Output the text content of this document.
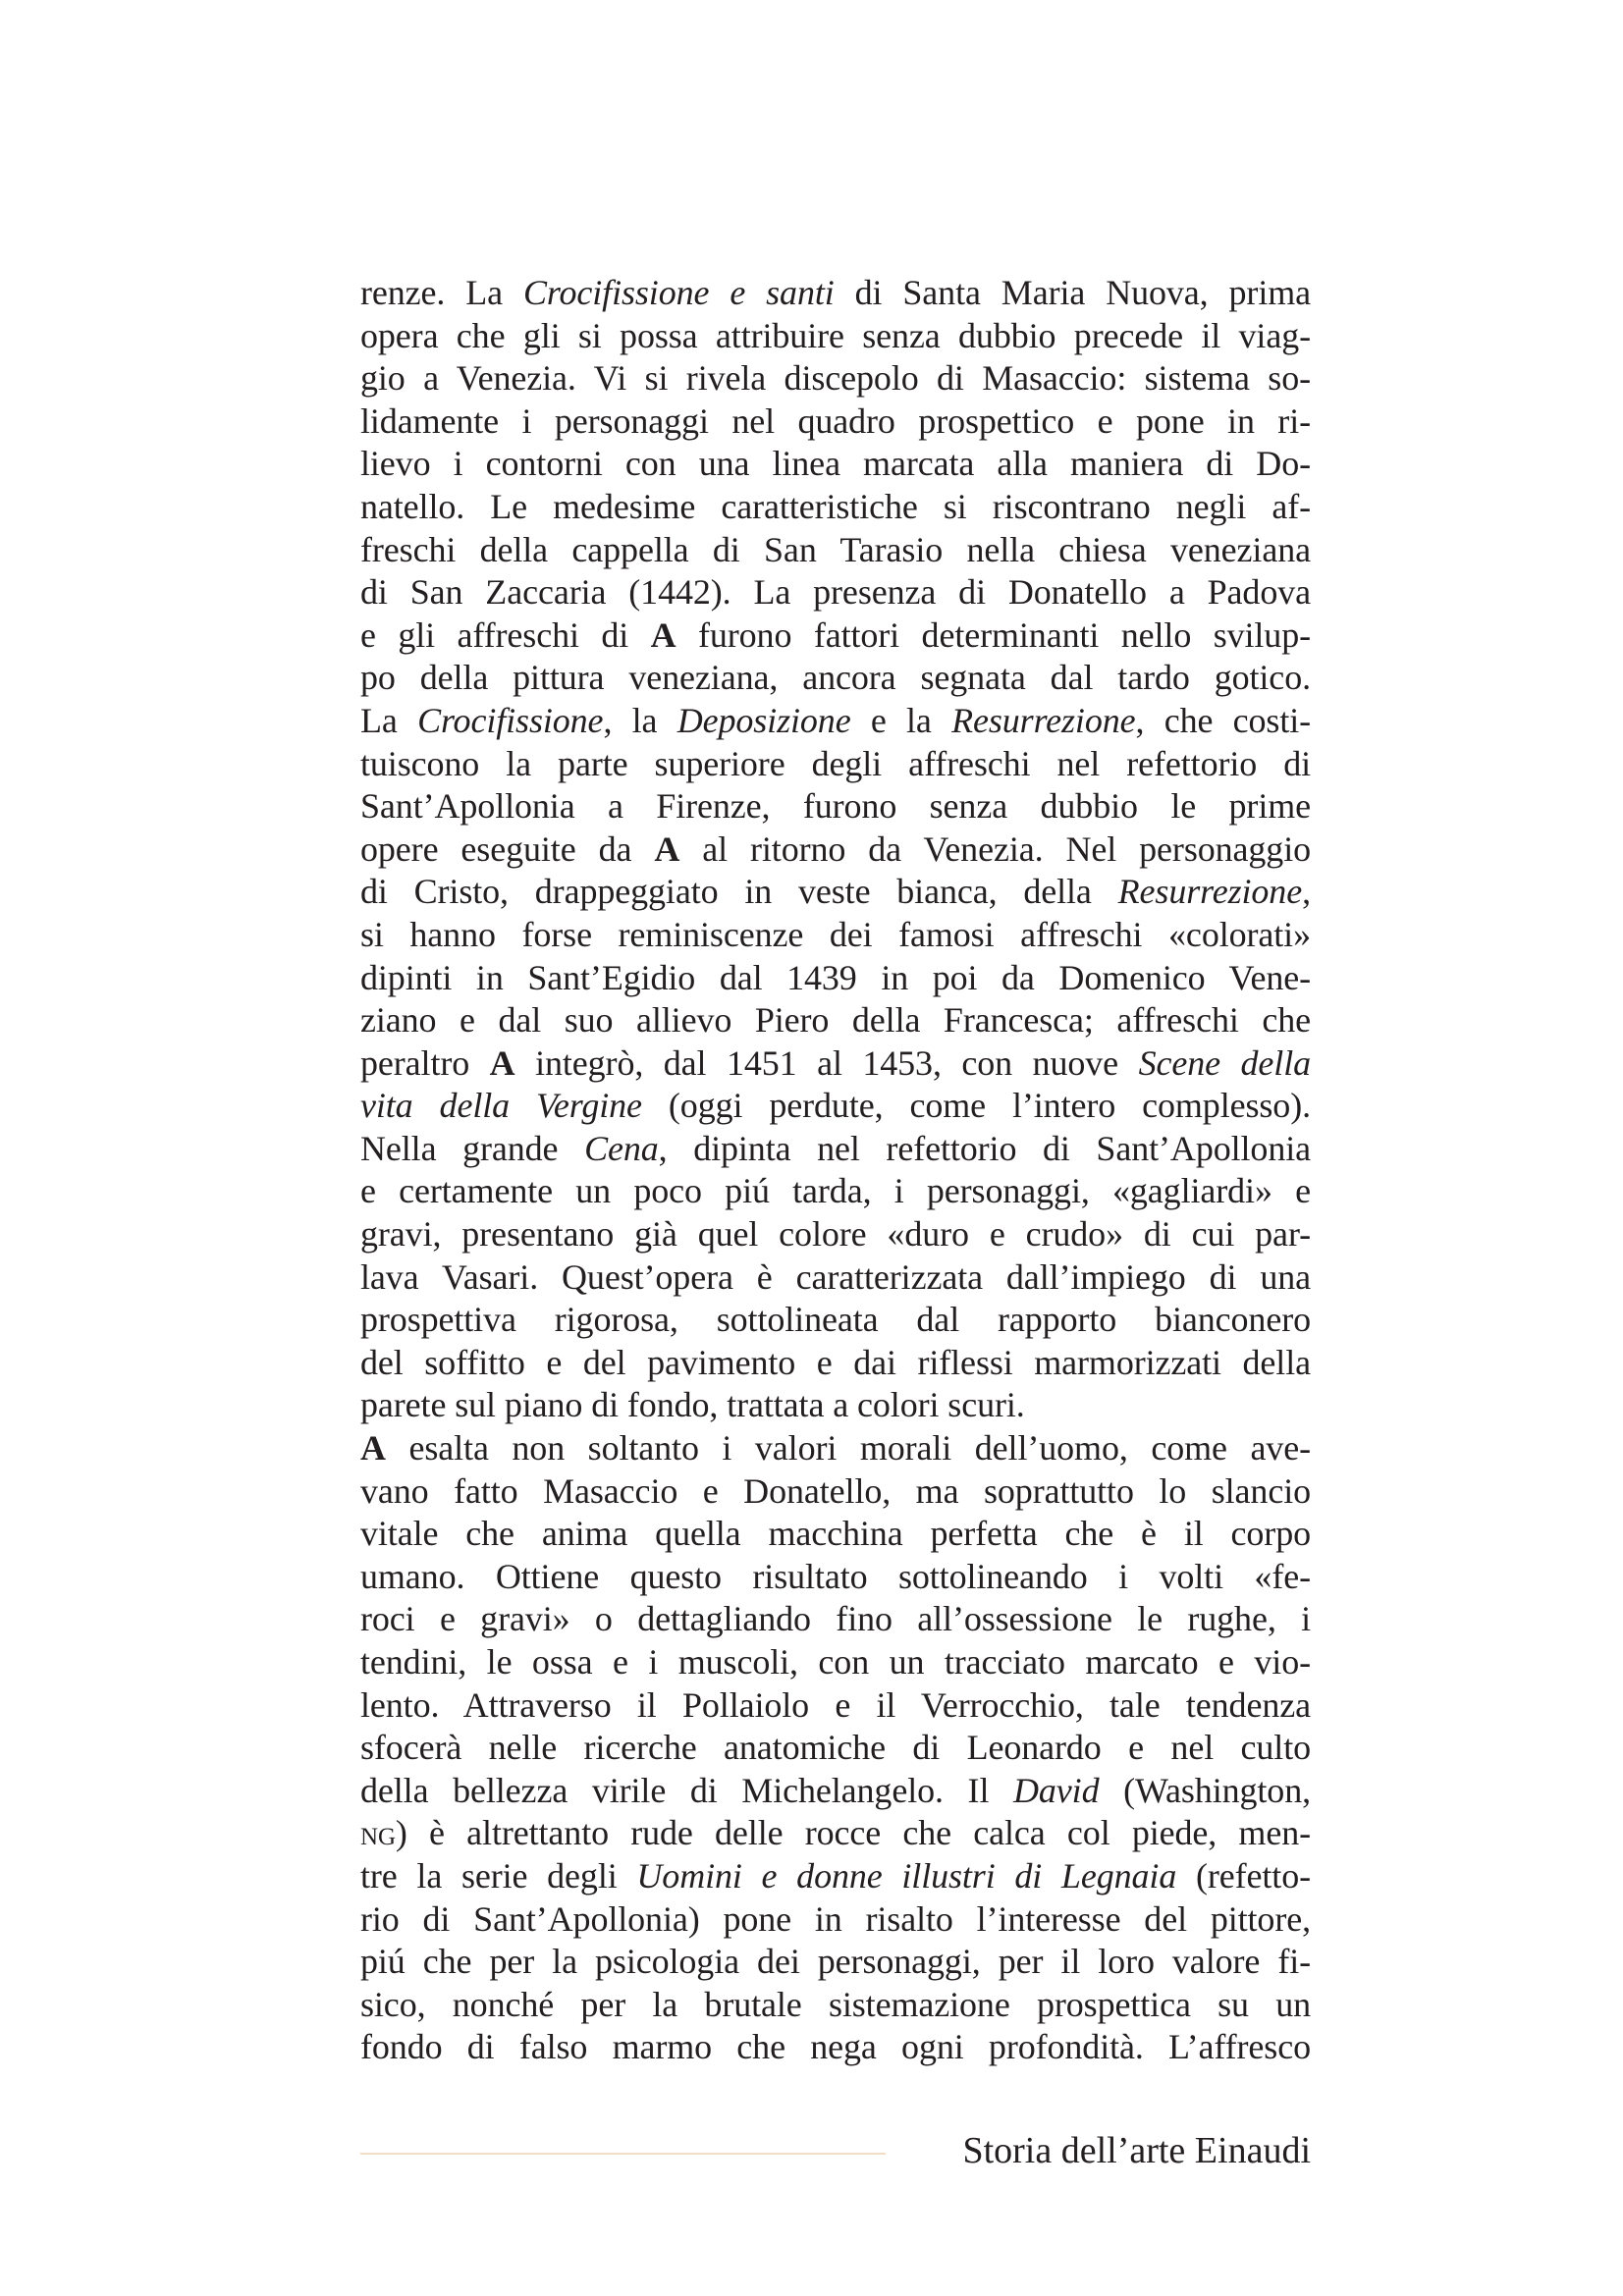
renze. La Crocifissione e santi di Santa Maria Nuova, prima
opera che gli si possa attribuire senza dubbio precede il viag-
gio a Venezia. Vi si rivela discepolo di Masaccio: sistema so-
lidamente i personaggi nel quadro prospettico e pone in ri-
lievo i contorni con una linea marcata alla maniera di Do-
natello. Le medesime caratteristiche si riscontrano negli af-
freschi della cappella di San Tarasio nella chiesa veneziana
di San Zaccaria (1442). La presenza di Donatello a Padova
e gli affreschi di A furono fattori determinanti nello svilup-
po della pittura veneziana, ancora segnata dal tardo gotico.
La Crocifissione, la Deposizione e la Resurrezione, che costi-
tuiscono la parte superiore degli affreschi nel refettorio di
Sant’Apollonia a Firenze, furono senza dubbio le prime
opere eseguite da A al ritorno da Venezia. Nel personaggio
di Cristo, drappeggiato in veste bianca, della Resurrezione,
si hanno forse reminiscenze dei famosi affreschi «colorati»
dipinti in Sant’Egidio dal 1439 in poi da Domenico Vene-
ziano e dal suo allievo Piero della Francesca; affreschi che
peraltro A integrò, dal 1451 al 1453, con nuove Scene della
vita della Vergine (oggi perdute, come l’intero complesso).
Nella grande Cena, dipinta nel refettorio di Sant’Apollonia
e certamente un poco piú tarda, i personaggi, «gagliardi» e
gravi, presentano già quel colore «duro e crudo» di cui par-
lava Vasari. Quest’opera è caratterizzata dall’impiego di una
prospettiva rigorosa, sottolineata dal rapporto bianconero
del soffitto e del pavimento e dai riflessi marmorizzati della
parete sul piano di fondo, trattata a colori scuri.
A esalta non soltanto i valori morali dell’uomo, come ave-
vano fatto Masaccio e Donatello, ma soprattutto lo slancio
vitale che anima quella macchina perfetta che è il corpo
umano. Ottiene questo risultato sottolineando i volti «fe-
roci e gravi» o dettagliando fino all’ossessione le rughe, i
tendini, le ossa e i muscoli, con un tracciato marcato e vio-
lento. Attraverso il Pollaiolo e il Verrocchio, tale tendenza
sfocerà nelle ricerche anatomiche di Leonardo e nel culto
della bellezza virile di Michelangelo. Il David (Washington,
ng) è altrettanto rude delle rocce che calca col piede, men-
tre la serie degli Uomini e donne illustri di Legnaia (refetto-
rio di Sant’Apollonia) pone in risalto l’interesse del pittore,
piú che per la psicologia dei personaggi, per il loro valore fi-
sico, nonché per la brutale sistemazione prospettica su un
fondo di falso marmo che nega ogni profondità. L’affresco
Storia dell’arte Einaudi
